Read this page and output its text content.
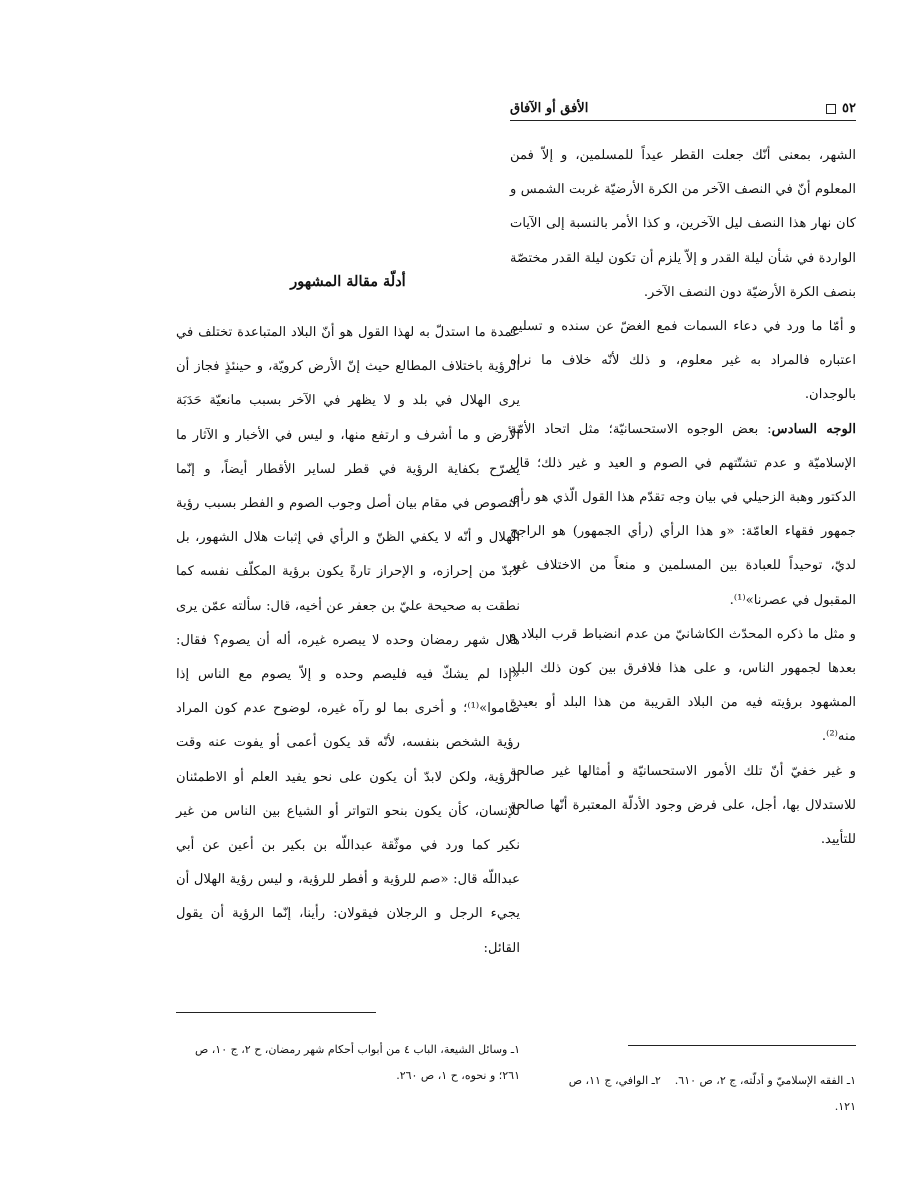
٥٢
الأفق أو الآفاق

الشهر، بمعنى أنّك جعلت القطر عيداً للمسلمين، و إلاّ فمن المعلوم أنّ في النصف الآخر من الكرة الأرضيّة غربت الشمس و كان نهار هذا النصف ليل الآخرين، و كذا الأمر بالنسبة إلى الآيات الواردة في شأن ليلة القدر و إلاّ يلزم أن تكون ليلة القدر مختصّة بنصف الكرة الأرضيّة دون النصف الآخر.

و أمّا ما ورد في دعاء السمات فمع الغضّ عن سنده و تسليم اعتباره فالمراد به غير معلوم، و ذلك لأنّه خلاف ما نراه بالوجدان.

الوجه السادس: بعض الوجوه الاستحسانيّة؛ مثل اتحاد الأمّة الإسلاميّة و عدم تشتّتهم في الصوم و العيد و غير ذلك؛ قال الدكتور وهبة الزحيلي في بيان وجه تقدّم هذا القول الّذي هو رأي جمهور فقهاء العامّة: «و هذا الرأي (رأي الجمهور) هو الراجح لديّ، توحيداً للعبادة بين المسلمين و منعاً من الاختلاف غير المقبول في عصرنا»⁽¹⁾.

و مثل ما ذكره المحدّث الكاشانيّ من عدم انضباط قرب البلاد و بعدها لجمهور الناس، و على هذا فلافرق بين كون ذلك البلد المشهود برؤيته فيه من البلاد القريبة من هذا البلد أو بعيدة منه⁽²⁾.

و غير خفيّ أنّ تلك الأمور الاستحسانيّة و أمثالها غير صالحة للاستدلال بها، أجل، على فرض وجود الأدلّة المعتبرة أنّها صالحة للتأييد.

١ـ الفقه الإسلاميّ و أدلّته، ج ٢، ص ٦١٠.٢ـ الوافي، ج ١١، ص ١٢١.
أدلّة مقالة المشهور

عمدة ما استدلّ به لهذا القول هو أنّ البلاد المتباعدة تختلف في الرؤية باختلاف المطالع حيث إنّ الأرض كرويّة، و حينئذٍ فجاز أن يرى الهلال في بلد و لا يظهر في الآخر بسبب مانعيّة حَدَبَة الأرض و ما أشرف و ارتفع منها، و ليس في الأخبار و الآثار ما يصرّح بكفاية الرؤية في قطر لساير الأقطار أيضاً، و إنّما النصوص في مقام بيان أصل وجوب الصوم و الفطر بسبب رؤية الهلال و أنّه لا يكفي الظنّ و الرأي في إثبات هلال الشهور، بل لابدّ من إحرازه، و الإحراز تارةً يكون برؤية المكلّف نفسه كما نطقت به صحيحة عليّ بن جعفر عن أخيه، قال: سألته عمّن يرى هلال شهر رمضان وحده لا يبصره غيره، أله أن يصوم؟ فقال: «إذا لم يشكّ فيه فليصم وحده و إلاّ يصوم مع الناس إذا صاموا»⁽¹⁾؛ و أخرى بما لو رآه غيره، لوضوح عدم كون المراد رؤية الشخص بنفسه، لأنّه قد يكون أعمى أو يفوت عنه وقت الرؤية، ولكن لابدّ أن يكون على نحو يفيد العلم أو الاطمئنان للإنسان، كأن يكون بنحو التواتر أو الشياع بين الناس من غير نكير كما ورد في موثّقة عبداللّه بن بكير بن أعين عن أبي عبداللّه قال: «صم للرؤية و أفطر للرؤية، و ليس رؤية الهلال أن يجيء الرجل و الرجلان فيقولان: رأينا، إنّما الرؤية أن يقول القائل:

١ـ وسائل الشيعة، الباب ٤ من أبواب أحكام شهر رمضان، ح ٢، ج ١٠، ص ٢٦١؛ و نحوه، ح ١، ص ٢٦٠.
